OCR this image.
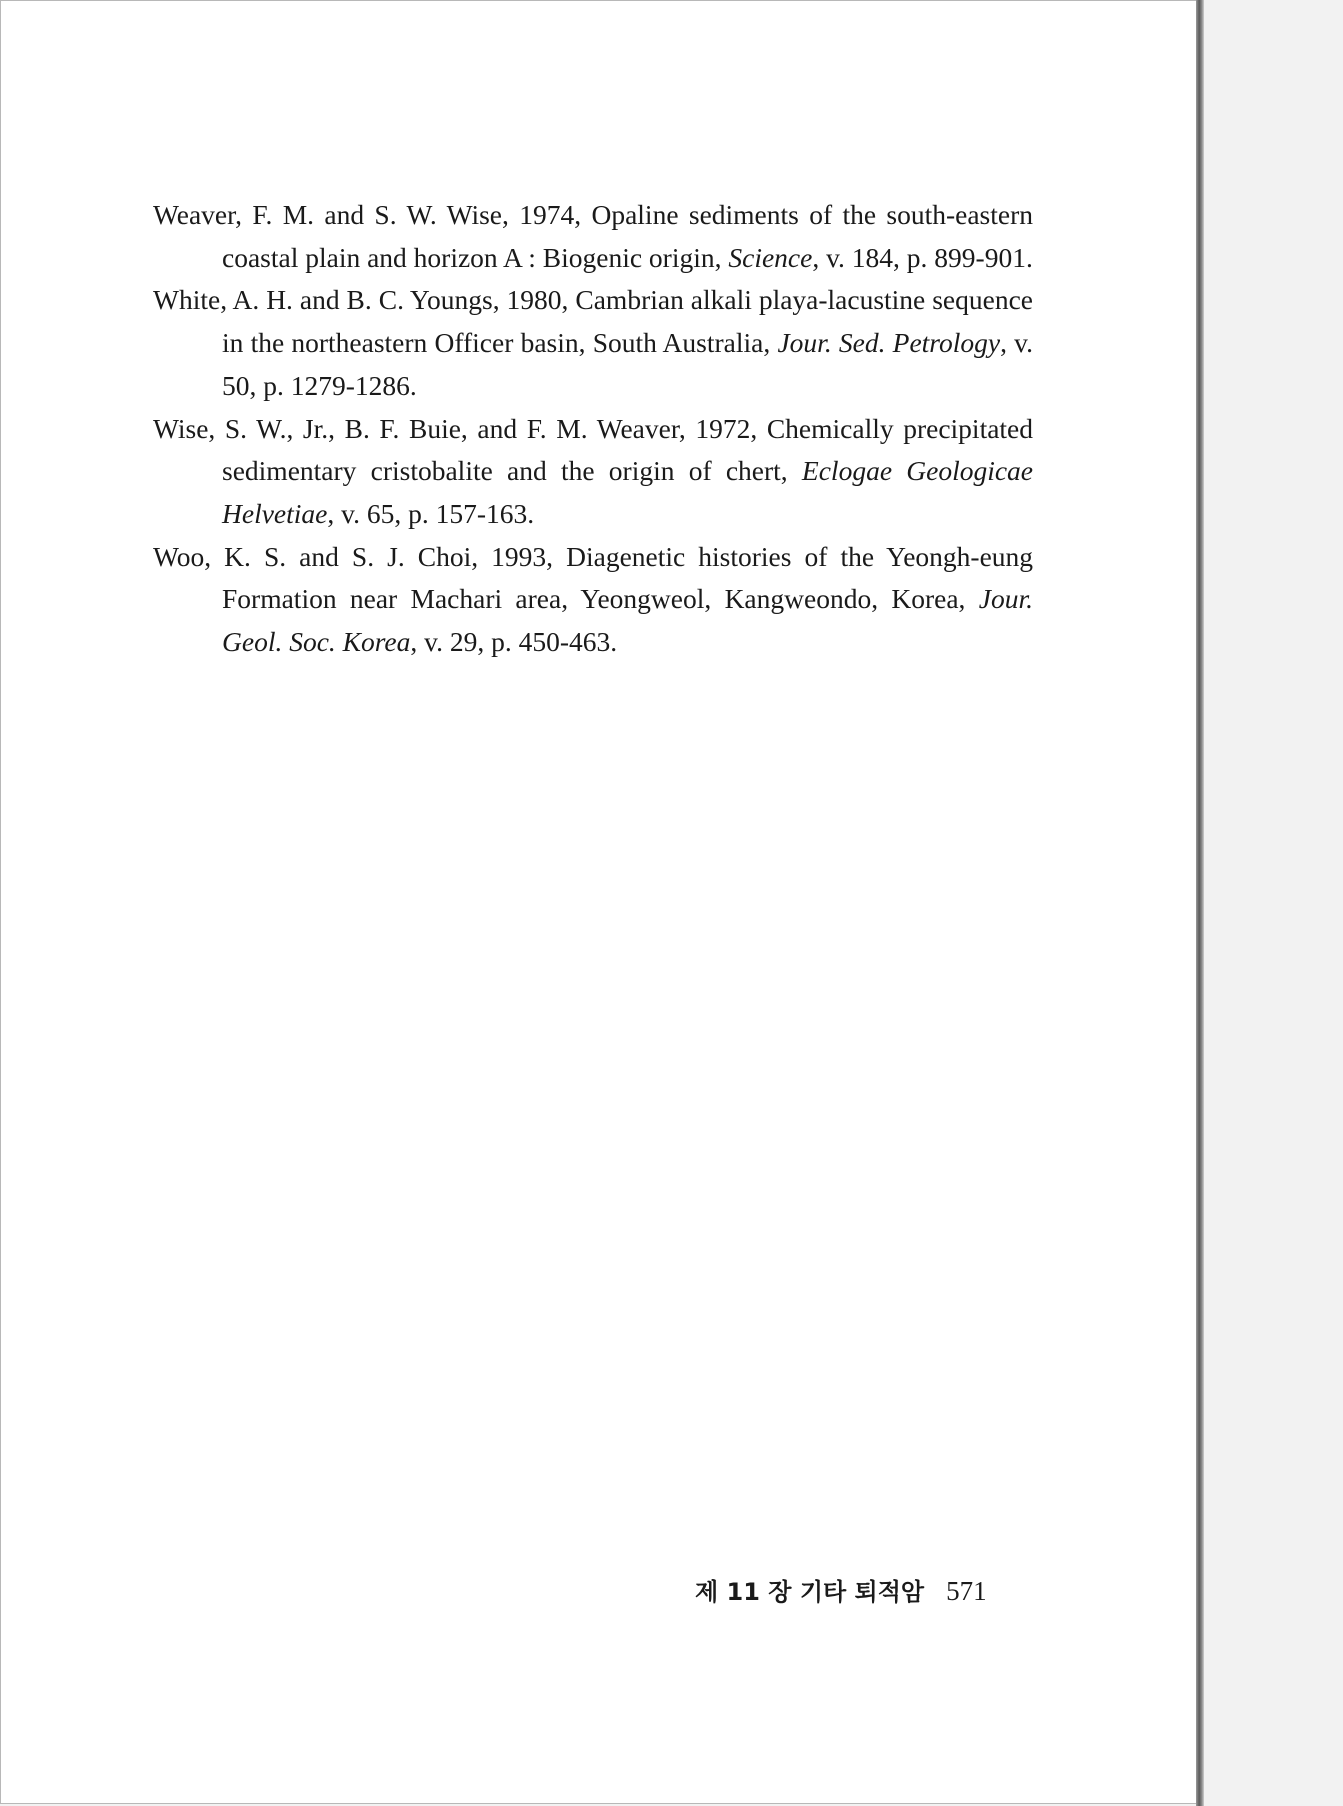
Weaver, F. M. and S. W. Wise, 1974, Opaline sediments of the south-eastern coastal plain and horizon A : Biogenic origin, Science, v. 184, p. 899-901.
White, A. H. and B. C. Youngs, 1980, Cambrian alkali playa-lacustine sequence in the northeastern Officer basin, South Australia, Jour. Sed. Petrology, v. 50, p. 1279-1286.
Wise, S. W., Jr., B. F. Buie, and F. M. Weaver, 1972, Chemically precipitated sedimentary cristobalite and the origin of chert, Eclogae Geologicae Helvetiae, v. 65, p. 157-163.
Woo, K. S. and S. J. Choi, 1993, Diagenetic histories of the Yeongh-eung Formation near Machari area, Yeongweol, Kangweondo, Korea, Jour. Geol. Soc. Korea, v. 29, p. 450-463.
제 11 장 기타 퇴적암 571
